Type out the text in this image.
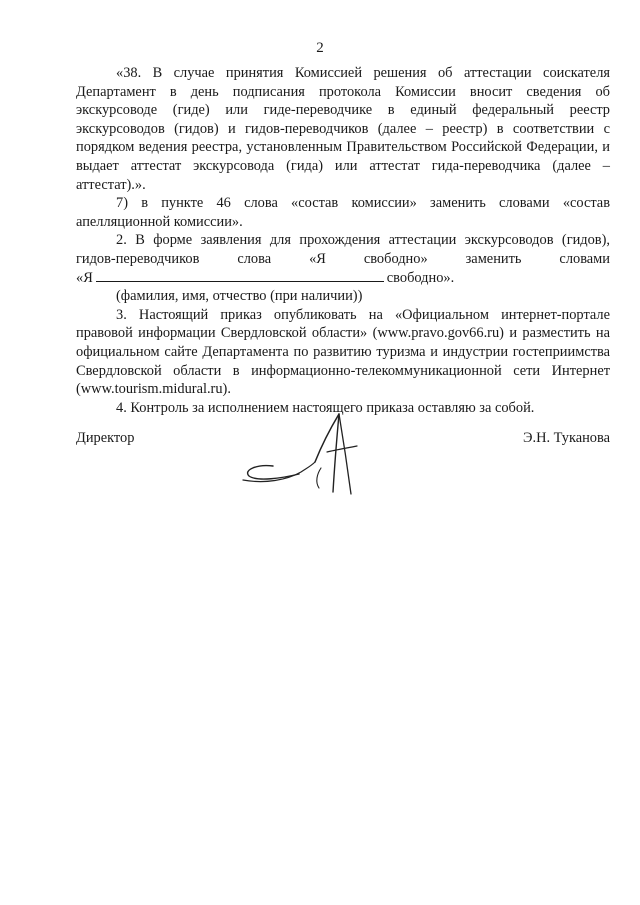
2

«38. В случае принятия Комиссией решения об аттестации соискателя Департамент в день подписания протокола Комиссии вносит сведения об экскурсоводе (гиде) или гиде-переводчике в единый федеральный реестр экскурсоводов (гидов) и гидов-переводчиков (далее – реестр) в соответствии с порядком ведения реестра, установленным Правительством Российской Федерации, и выдает аттестат экскурсовода (гида) или аттестат гида-переводчика (далее – аттестат).».

7) в пункте 46 слова «состав комиссии» заменить словами «состав апелляционной комиссии».

2. В форме заявления для прохождения аттестации экскурсоводов (гидов), гидов-переводчиков слова «Я свободно» заменить словами

«Я	свободно».

(фамилия, имя, отчество (при наличии))

3. Настоящий приказ опубликовать на «Официальном интернет-портале правовой информации Свердловской области» (www.pravo.gov66.ru) и разместить на официальном сайте Департамента по развитию туризма и индустрии гостеприимства Свердловской области в информационно-телекоммуникационной сети Интернет (www.tourism.midural.ru).

4. Контроль за исполнением настоящего приказа оставляю за собой.

Директор	Э.Н. Туканова
